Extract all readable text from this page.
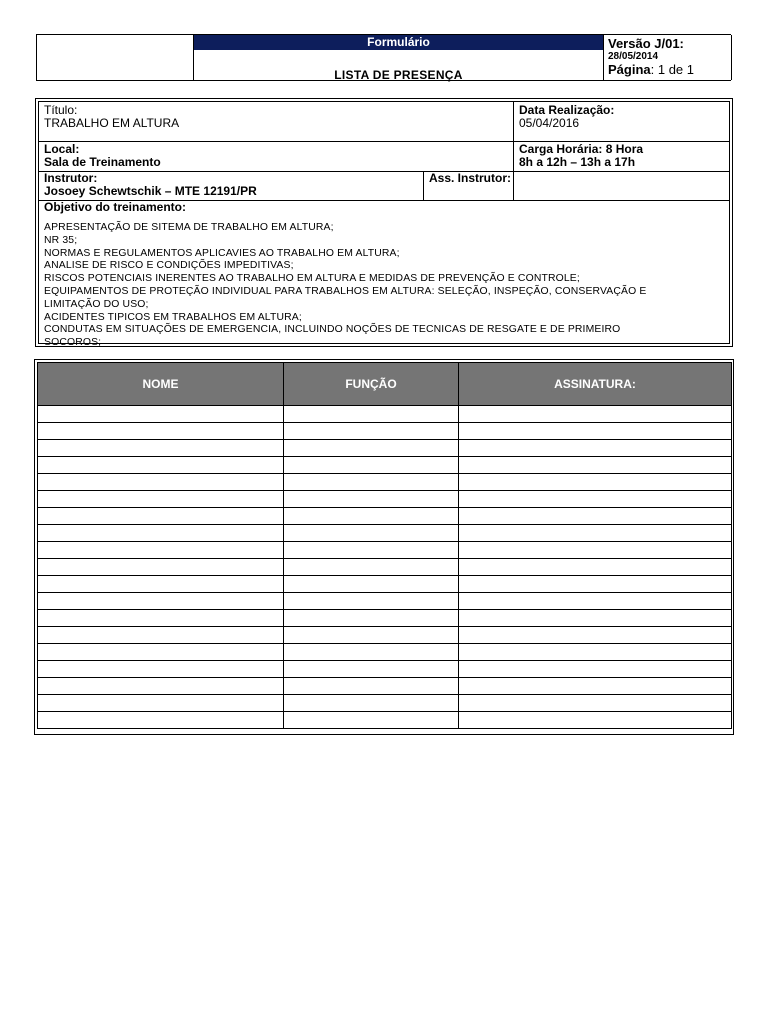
Formulário
LISTA DE PRESENÇA
Versão J/01:
28/05/2014
Página: 1 de 1
Título:
TRABALHO EM ALTURA
Data Realização:
05/04/2016
Local:
Sala de Treinamento
Carga Horária: 8 Hora
8h a 12h – 13h a 17h
Instrutor:
Josoey Schewtschik – MTE 12191/PR
Ass. Instrutor:
Objetivo do treinamento:
APRESENTAÇÃO DE SITEMA DE TRABALHO EM ALTURA;
NR 35;
NORMAS E REGULAMENTOS APLICAVIES AO TRABALHO EM ALTURA;
ANALISE DE RISCO E CONDIÇÕES IMPEDITIVAS;
RISCOS POTENCIAIS INERENTES AO TRABALHO EM ALTURA E MEDIDAS DE PREVENÇÃO E CONTROLE;
EQUIPAMENTOS DE PROTEÇÃO INDIVIDUAL PARA TRABALHOS EM ALTURA: SELEÇÃO, INSPEÇÃO, CONSERVAÇÃO E
LIMITAÇÃO DO USO;
ACIDENTES TIPICOS EM TRABALHOS EM ALTURA;
CONDUTAS EM SITUAÇÕES DE EMERGENCIA, INCLUINDO NOÇÕES DE TECNICAS DE RESGATE E DE PRIMEIRO
SOCOROS;
NOME	FUNÇÃO	ASSINATURA:
